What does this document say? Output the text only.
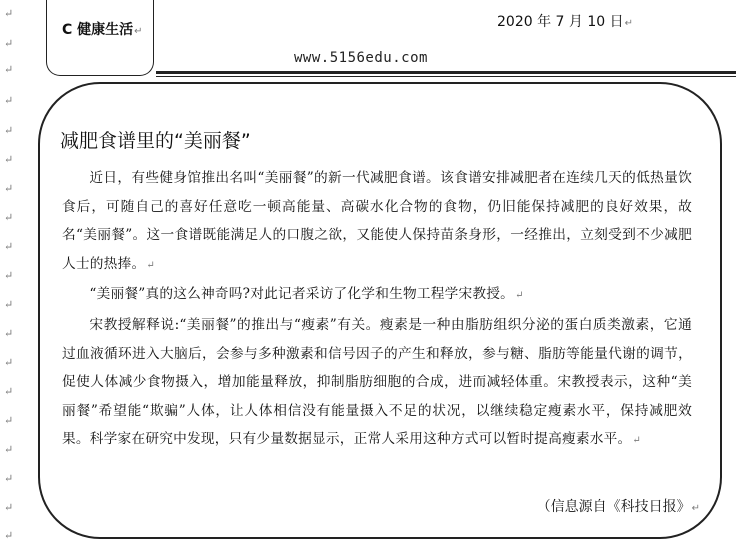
↵
↵
↵
↵
↵
↵
↵
↵
↵
↵
↵
↵
↵
↵
↵
↵
↵
↵
↵
C 健康生活↵
2020 年 7 月 10 日↵
www.5156edu.com
减肥食谱里的“美丽餐”

近日，有些健身馆推出名叫“美丽餐”的新一代减肥食谱。该食谱安排减肥者在连续几天的低热量饮食后，可随自己的喜好任意吃一顿高能量、高碳水化合物的食物，仍旧能保持减肥的良好效果，故名“美丽餐”。这一食谱既能满足人的口腹之欲，又能使人保持苗条身形，一经推出，立刻受到不少减肥人士的热捧。↵

“美丽餐”真的这么神奇吗?对此记者采访了化学和生物工程学宋教授。↵

宋教授解释说:“美丽餐”的推出与“瘦素”有关。瘦素是一种由脂肪组织分泌的蛋白质类激素，它通过血液循环进入大脑后，会参与多种激素和信号因子的产生和释放，参与糖、脂肪等能量代谢的调节，促使人体减少食物摄入，增加能量释放，抑制脂肪细胞的合成，进而减轻体重。宋教授表示，这种“美丽餐”希望能“欺骗”人体，让人体相信没有能量摄入不足的状况，以继续稳定瘦素水平，保持减肥效果。科学家在研究中发现，只有少量数据显示，正常人采用这种方式可以暂时提高瘦素水平。↵

（信息源自《科技日报》↵
